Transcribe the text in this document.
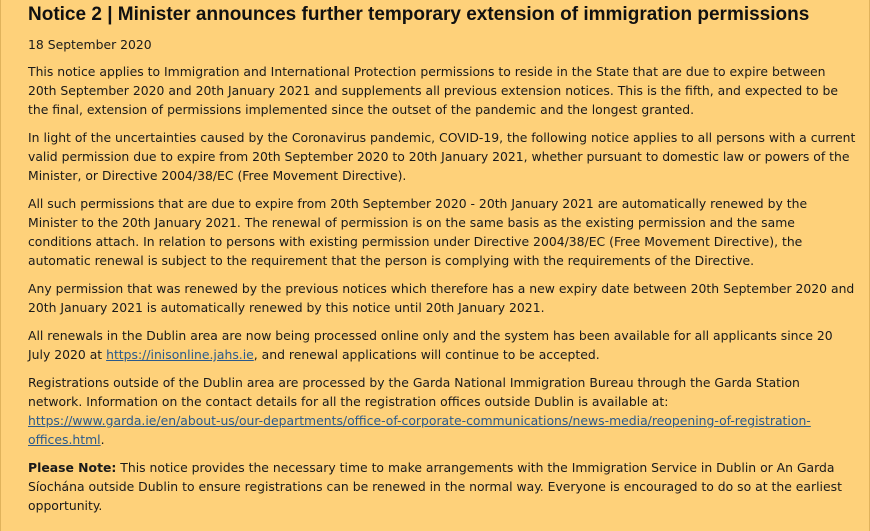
Notice 2 | Minister announces further temporary extension of immigration permissions

18 September 2020

This notice applies to Immigration and International Protection permissions to reside in the State that are due to expire between 20th September 2020 and 20th January 2021 and supplements all previous extension notices. This is the fifth, and expected to be the final, extension of permissions implemented since the outset of the pandemic and the longest granted.

In light of the uncertainties caused by the Coronavirus pandemic, COVID-19, the following notice applies to all persons with a current valid permission due to expire from 20th September 2020 to 20th January 2021, whether pursuant to domestic law or powers of the Minister, or Directive 2004/38/EC (Free Movement Directive).

All such permissions that are due to expire from 20th September 2020 - 20th January 2021 are automatically renewed by the Minister to the 20th January 2021. The renewal of permission is on the same basis as the existing permission and the same conditions attach. In relation to persons with existing permission under Directive 2004/38/EC (Free Movement Directive), the automatic renewal is subject to the requirement that the person is complying with the requirements of the Directive.

Any permission that was renewed by the previous notices which therefore has a new expiry date between 20th September 2020 and 20th January 2021 is automatically renewed by this notice until 20th January 2021.

All renewals in the Dublin area are now being processed online only and the system has been available for all applicants since 20 July 2020 at https://inisonline.jahs.ie, and renewal applications will continue to be accepted.

Registrations outside of the Dublin area are processed by the Garda National Immigration Bureau through the Garda Station network. Information on the contact details for all the registration offices outside Dublin is available at: https://www.garda.ie/en/about-us/our-departments/office-of-corporate-communications/news-media/reopening-of-registration-offices.html.

Please Note: This notice provides the necessary time to make arrangements with the Immigration Service in Dublin or An Garda Síochána outside Dublin to ensure registrations can be renewed in the normal way. Everyone is encouraged to do so at the earliest opportunity.
